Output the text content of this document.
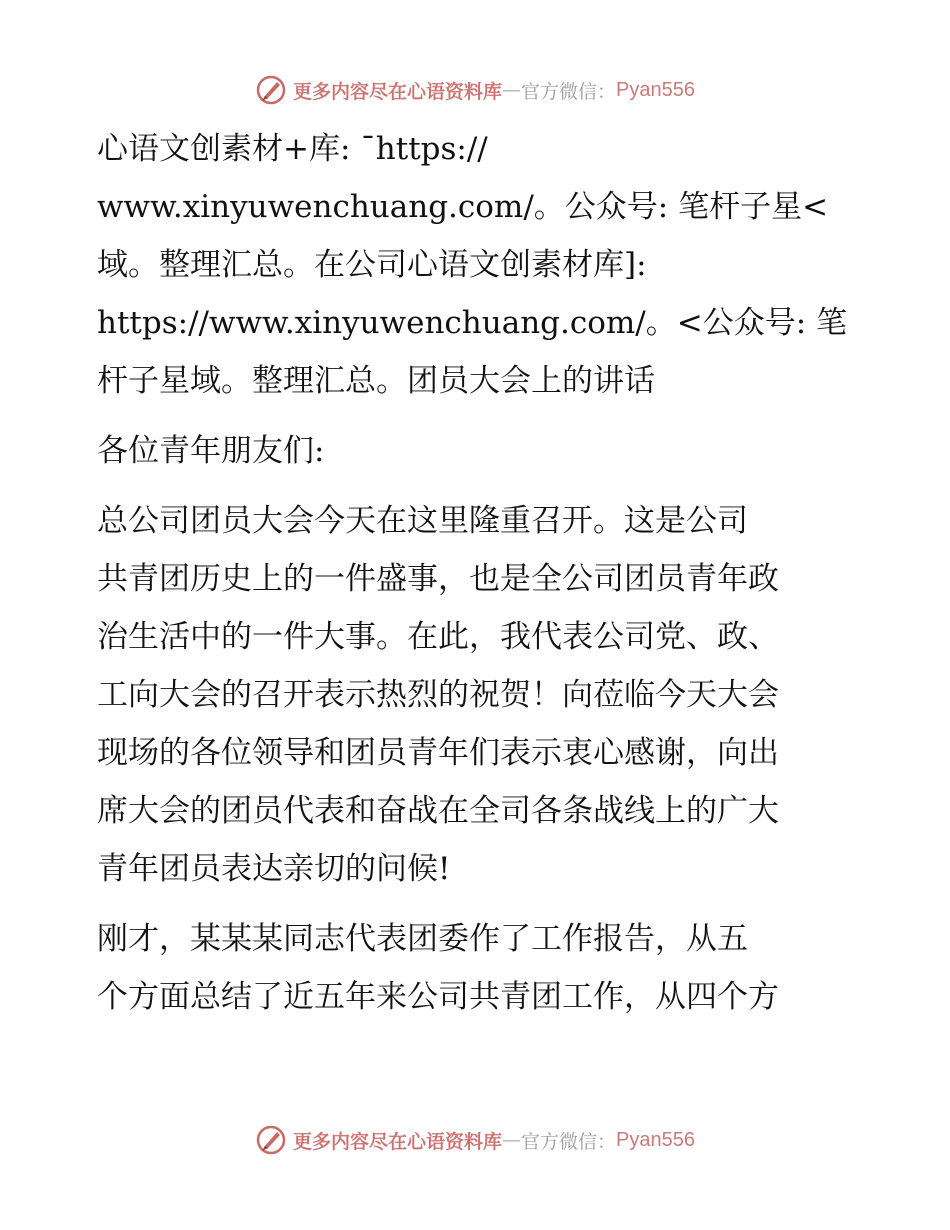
更多内容尽在心语资料库 — 官方微信： Pyan556

心语文创素材+库: ¯https://
www.xinyuwenchuang.com/。公众号: 笔杆子星<
域。整理汇总。在公司心语文创素材库]:
https://www.xinyuwenchuang.com/。<公众号: 笔
杆子星域。整理汇总。团员大会上的讲话

各位青年朋友们:

总公司团员大会今天在这里隆重召开。这是公司
共青团历史上的一件盛事，也是全公司团员青年政
治生活中的一件大事。在此，我代表公司党、政、
工向大会的召开表示热烈的祝贺！向莅临今天大会
现场的各位领导和团员青年们表示衷心感谢，向出
席大会的团员代表和奋战在全司各条战线上的广大
青年团员表达亲切的问候!

刚才，某某某同志代表团委作了工作报告，从五
个方面总结了近五年来公司共青团工作，从四个方

更多内容尽在心语资料库 — 官方微信： Pyan556
